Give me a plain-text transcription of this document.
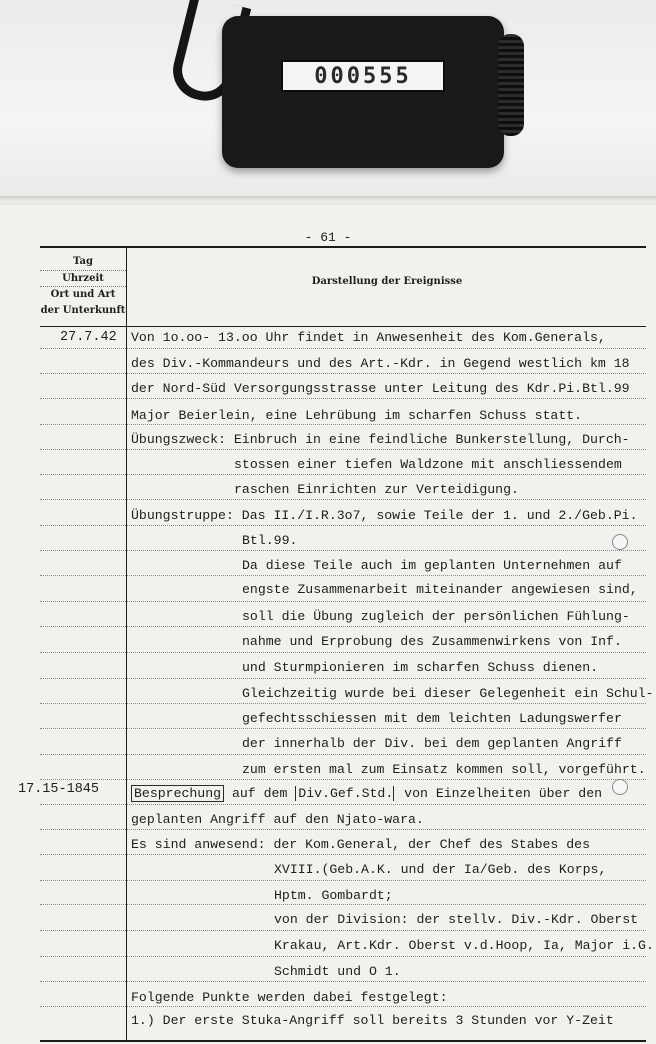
000555
- 61 -
Tag
Uhrzeit
Ort und Art der Unterkunft
Darstellung der Ereignisse
27.7.42
17.15-1845
Von 1o.oo- 13.oo Uhr findet in Anwesenheit des Kom.Generals,
des Div.-Kommandeurs und des Art.-Kdr. in Gegend westlich km 18
der Nord-Süd Versorgungsstrasse unter Leitung des Kdr.Pi.Btl.99
Major Beierlein, eine Lehrübung im scharfen Schuss statt.
Übungszweck: Einbruch in eine feindliche Bunkerstellung, Durch-
stossen einer tiefen Waldzone mit anschliessendem
raschen Einrichten zur Verteidigung.
Übungstruppe: Das II./I.R.3o7, sowie Teile der 1. und 2./Geb.Pi.
Btl.99.
Da diese Teile auch im geplanten Unternehmen auf
engste Zusammenarbeit miteinander angewiesen sind,
soll die Übung zugleich der persönlichen Fühlung-
nahme und Erprobung des Zusammenwirkens von Inf.
und Sturmpionieren im scharfen Schuss dienen.
Gleichzeitig wurde bei dieser Gelegenheit ein Schul-
gefechtsschiessen mit dem leichten Ladungswerfer
der innerhalb der Div. bei dem geplanten Angriff
zum ersten mal zum Einsatz kommen soll, vorgeführt.
Besprechung auf dem Div.Gef.Std. von Einzelheiten über den
geplanten Angriff auf den Njato-wara.
Es sind anwesend: der Kom.General, der Chef des Stabes des
XVIII.(Geb.A.K. und der Ia/Geb. des Korps,
Hptm. Gombardt;
von der Division: der stellv. Div.-Kdr. Oberst
Krakau, Art.Kdr. Oberst v.d.Hoop, Ia, Major i.G.
Schmidt und O 1.
Folgende Punkte werden dabei festgelegt:
1.) Der erste Stuka-Angriff soll bereits 3 Stunden vor Y-Zeit
